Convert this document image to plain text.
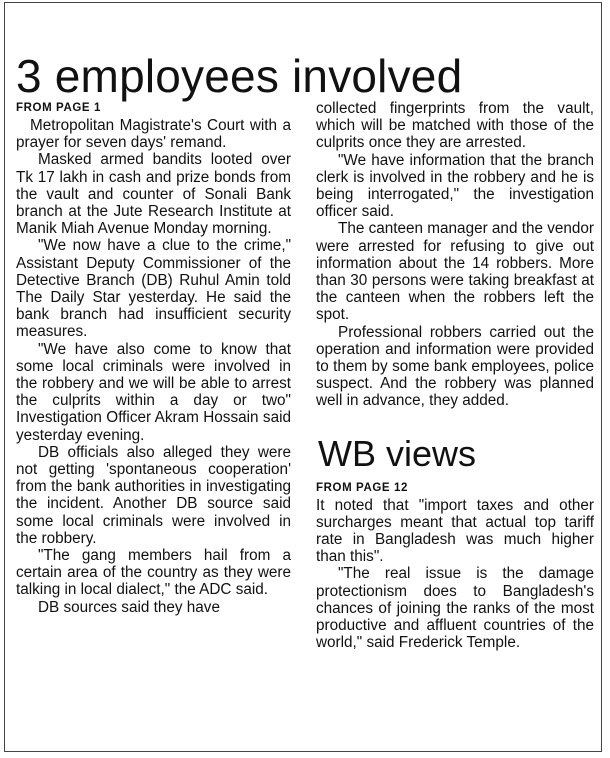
3 employees involved

FROM PAGE 1

Metropolitan Magistrate's Court with a prayer for seven days' remand.

Masked armed bandits looted over Tk 17 lakh in cash and prize bonds from the vault and counter of Sonali Bank branch at the Jute Research Institute at Manik Miah Avenue Monday morning.

"We now have a clue to the crime," Assistant Deputy Commissioner of the Detective Branch (DB) Ruhul Amin told The Daily Star yesterday. He said the bank branch had insufficient security measures.

"We have also come to know that some local criminals were involved in the robbery and we will be able to arrest the culprits within a day or two" Investigation Officer Akram Hossain said yesterday evening.

DB officials also alleged they were not getting 'spontaneous cooperation' from the bank authorities in investigating the incident. Another DB source said some local criminals were involved in the robbery.

"The gang members hail from a certain area of the country as they were talking in local dialect," the ADC said.

DB sources said they have

collected fingerprints from the vault, which will be matched with those of the culprits once they are arrested.

"We have information that the branch clerk is involved in the robbery and he is being interrogated," the investigation officer said.

The canteen manager and the vendor were arrested for refusing to give out information about the 14 robbers. More than 30 persons were taking breakfast at the canteen when the robbers left the spot.

Professional robbers carried out the operation and information were provided to them by some bank employees, police suspect. And the robbery was planned well in advance, they added.

WB views

FROM PAGE 12

It noted that "import taxes and other surcharges meant that actual top tariff rate in Bangladesh was much higher than this".

"The real issue is the damage protectionism does to Bangladesh's chances of joining the ranks of the most productive and affluent countries of the world," said Frederick Temple.
